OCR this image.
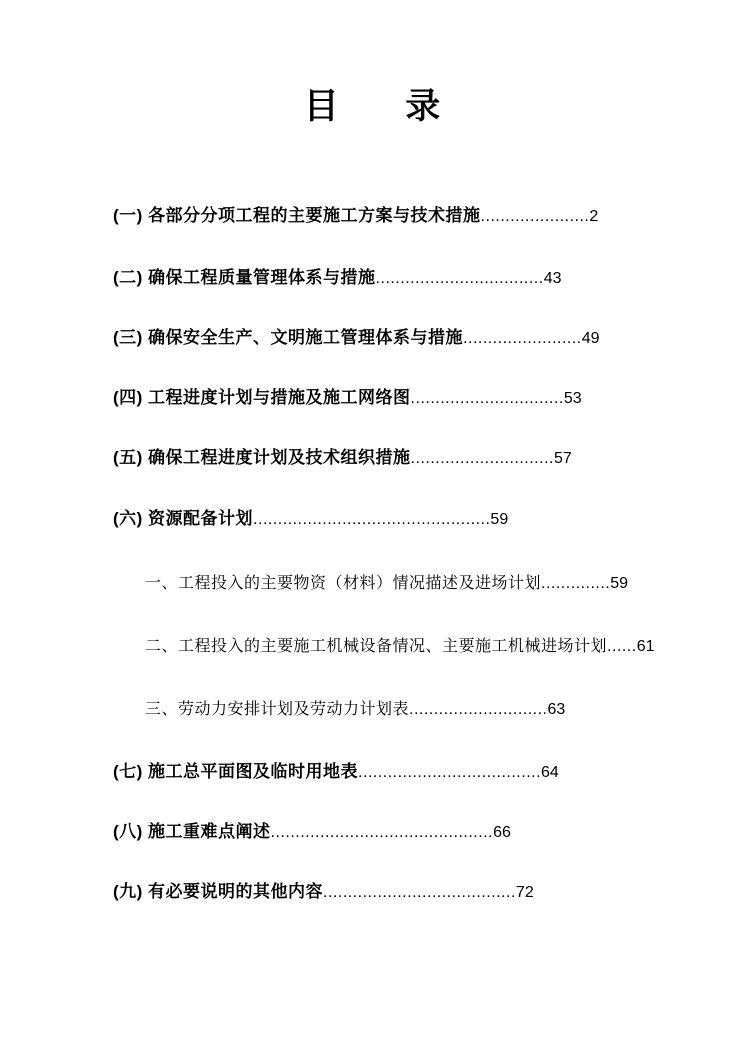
目　录
(一) 各部分分项工程的主要施工方案与技术措施......................2
(二) 确保工程质量管理体系与措施..................................43
(三) 确保安全生产、文明施工管理体系与措施........................49
(四) 工程进度计划与措施及施工网络图...............................53
(五) 确保工程进度计划及技术组织措施.............................57
(六) 资源配备计划................................................59
一、工程投入的主要物资（材料）情况描述及进场计划..............59
二、工程投入的主要施工机械设备情况、主要施工机械进场计划......61
三、劳动力安排计划及劳动力计划表............................63
(七) 施工总平面图及临时用地表.....................................64
(八) 施工重难点阐述.............................................66
(九) 有必要说明的其他内容.......................................72
